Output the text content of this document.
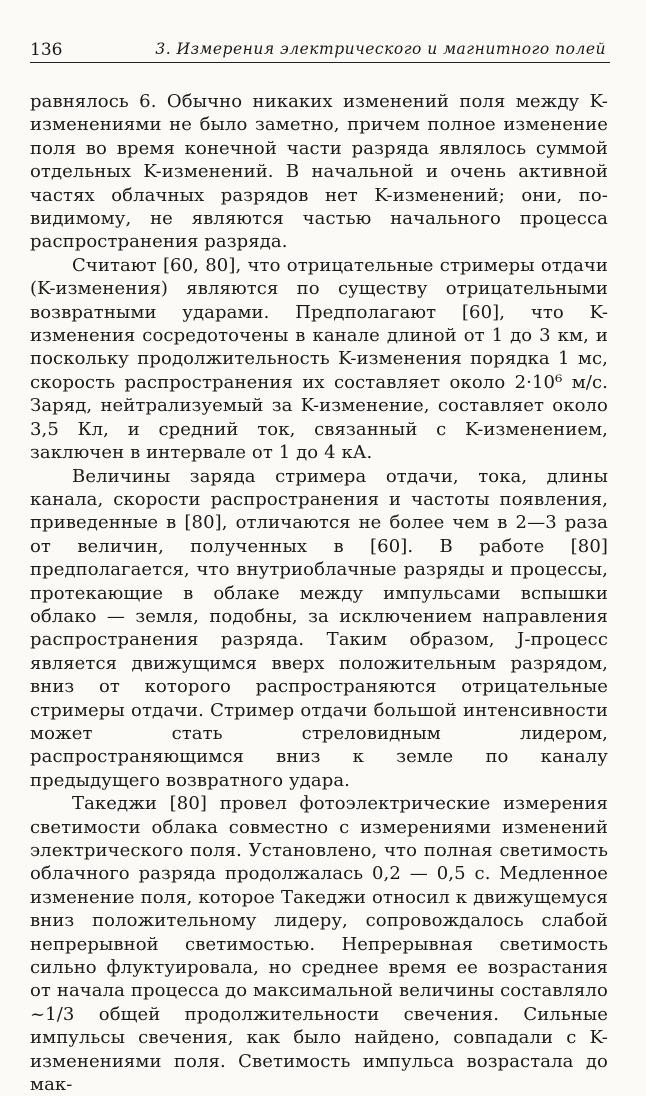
136	3. Измерения электрического и магнитного полей

равнялось 6. Обычно никаких изменений поля между K-изменениями не было заметно, причем полное изменение поля во время конечной части разряда являлось суммой отдельных K-изменений. В начальной и очень активной частях облачных разрядов нет K-изменений; они, по-видимому, не являются частью начального процесса распространения разряда.

Считают [60, 80], что отрицательные стримеры отдачи (K-изменения) являются по существу отрицательными возвратными ударами. Предполагают [60], что K-изменения сосредоточены в канале длиной от 1 до 3 км, и поскольку продолжительность K-изменения порядка 1 мс, скорость распространения их составляет около 2·10⁶ м/с. Заряд, нейтрализуемый за K-изменение, составляет около 3,5 Кл, и средний ток, связанный с K-изменением, заключен в интервале от 1 до 4 кА.

Величины заряда стримера отдачи, тока, длины канала, скорости распространения и частоты появления, приведенные в [80], отличаются не более чем в 2—3 раза от величин, полученных в [60]. В работе [80] предполагается, что внутриоблачные разряды и процессы, протекающие в облаке между импульсами вспышки облако — земля, подобны, за исключением направления распространения разряда. Таким образом, J-процесс является движущимся вверх положительным разрядом, вниз от которого распространяются отрицательные стримеры отдачи. Стример отдачи большой интенсивности может стать стреловидным лидером, распространяющимся вниз к земле по каналу предыдущего возвратного удара.

Такеджи [80] провел фотоэлектрические измерения светимости облака совместно с измерениями изменений электрического поля. Установлено, что полная светимость облачного разряда продолжалась 0,2 — 0,5 с. Медленное изменение поля, которое Такеджи относил к движущемуся вниз положительному лидеру, сопровождалось слабой непрерывной светимостью. Непрерывная светимость сильно флуктуировала, но среднее время ее возрастания от начала процесса до максимальной величины составляло ~1/3 общей продолжительности свечения. Сильные импульсы свечения, как было найдено, совпадали с K-изменениями поля. Светимость импульса возрастала до мак-
